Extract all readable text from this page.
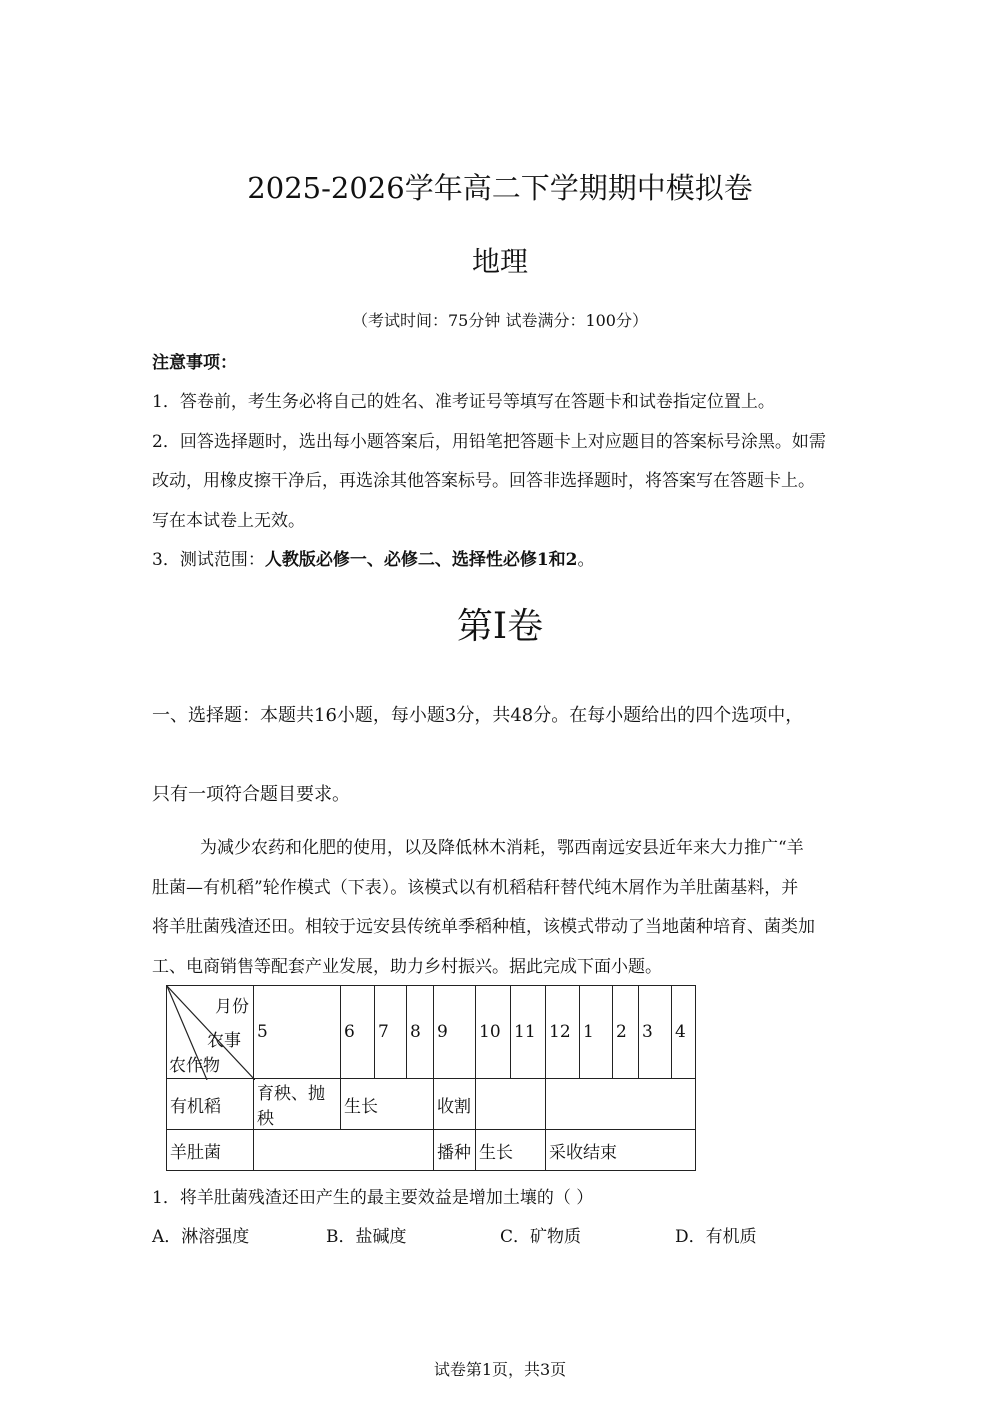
2025-2026学年高二下学期期中模拟卷
地理
（考试时间：75分钟 试卷满分：100分）
注意事项：
1．答卷前，考生务必将自己的姓名、准考证号等填写在答题卡和试卷指定位置上。
2．回答选择题时，选出每小题答案后，用铅笔把答题卡上对应题目的答案标号涂黑。如需
改动，用橡皮擦干净后，再选涂其他答案标号。回答非选择题时，将答案写在答题卡上。
写在本试卷上无效。
3．测试范围：人教版必修一、必修二、选择性必修1和2。
第Ⅰ卷
一、选择题：本题共16小题，每小题3分，共48分。在每小题给出的四个选项中，
只有一项符合题目要求。
为减少农药和化肥的使用，以及降低林木消耗，鄂西南远安县近年来大力推广“羊
肚菌—有机稻”轮作模式（下表）。该模式以有机稻秸秆替代纯木屑作为羊肚菌基料，并
将羊肚菌残渣还田。相较于远安县传统单季稻种植，该模式带动了当地菌种培育、菌类加
工、电商销售等配套产业发展，助力乡村振兴。据此完成下面小题。
月份
农事
农作物	5	6	7	8	9	10	11	12	1	2	3	4
有机稻	育秧、抛秧	生长			收割							
羊肚菌					播种	生长		采收结束				
1．将羊肚菌残渣还田产生的最主要效益是增加土壤的（ ）
A．淋溶强度	B．盐碱度	C．矿物质	D．有机质
试卷第1页，共3页
